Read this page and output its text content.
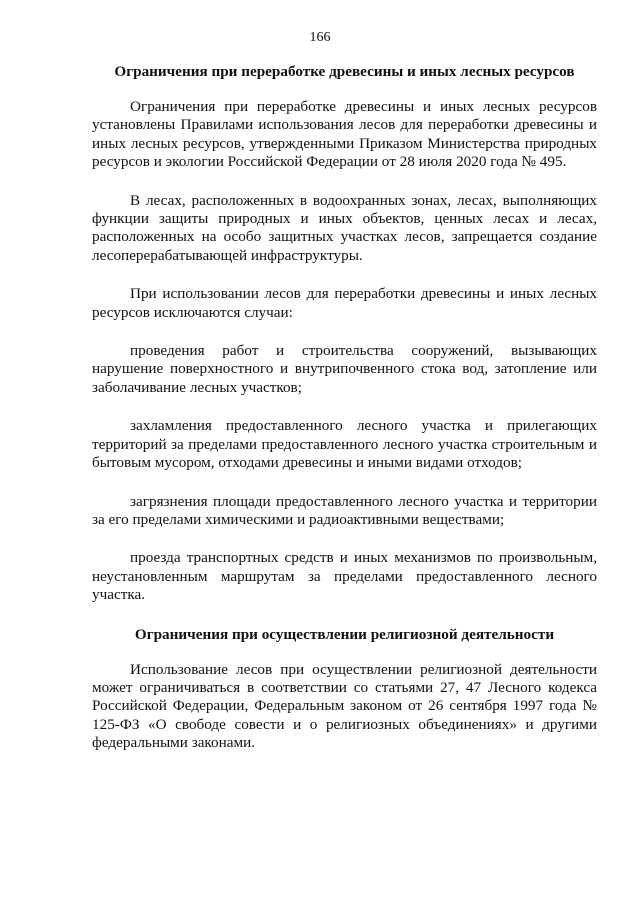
166
Ограничения при переработке древесины и иных лесных ресурсов

Ограничения при переработке древесины и иных лесных ресурсов установлены Правилами использования лесов для переработки древесины и иных лесных ресурсов, утвержденными Приказом Министерства природных ресурсов и экологии Российской Федерации от 28 июля 2020 года № 495.

В лесах, расположенных в водоохранных зонах, лесах, выполняющих функции защиты природных и иных объектов, ценных лесах и лесах, расположенных на особо защитных участках лесов, запрещается создание лесоперерабатывающей инфраструктуры.

При использовании лесов для переработки древесины и иных лесных ресурсов исключаются случаи:

проведения работ и строительства сооружений, вызывающих нарушение поверхностного и внутрипочвенного стока вод, затопление или заболачивание лесных участков;

захламления предоставленного лесного участка и прилегающих территорий за пределами предоставленного лесного участка строительным и бытовым мусором, отходами древесины и иными видами отходов;

загрязнения площади предоставленного лесного участка и территории за его пределами химическими и радиоактивными веществами;

проезда транспортных средств и иных механизмов по произвольным, неустановленным маршрутам за пределами предоставленного лесного участка.

Ограничения при осуществлении религиозной деятельности

Использование лесов при осуществлении религиозной деятельности может ограничиваться в соответствии со статьями 27, 47 Лесного кодекса Российской Федерации, Федеральным законом от 26 сентября 1997 года № 125-ФЗ «О свободе совести и о религиозных объединениях» и другими федеральными законами.
